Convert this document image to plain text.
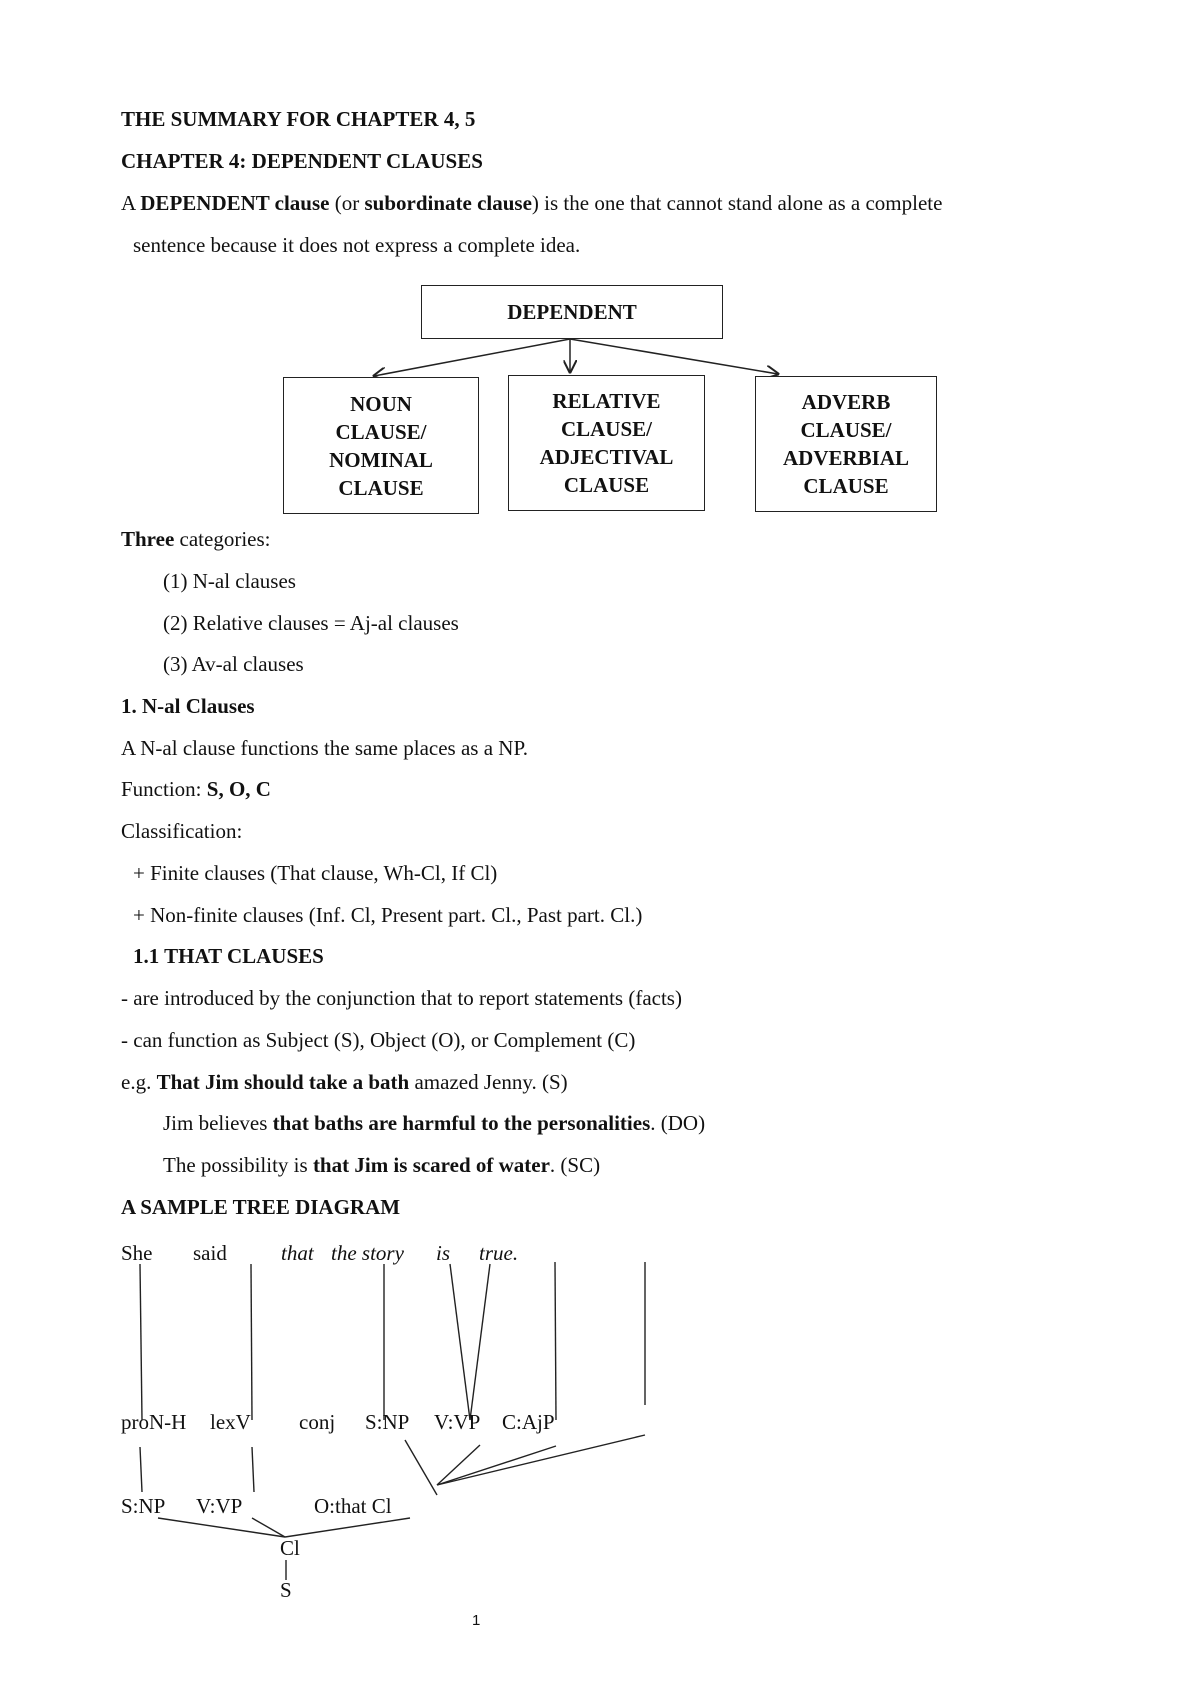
THE SUMMARY FOR CHAPTER 4, 5
CHAPTER 4: DEPENDENT CLAUSES
A DEPENDENT clause (or subordinate clause) is the one that cannot stand alone as a complete
sentence because it does not express a complete idea.
DEPENDENT
NOUN
CLAUSE/
NOMINAL
CLAUSE
RELATIVE
CLAUSE/
ADJECTIVAL
CLAUSE
ADVERB
CLAUSE/
ADVERBIAL
CLAUSE
Three categories:
(1) N-al clauses
(2) Relative clauses = Aj-al clauses
(3) Av-al clauses
1. N-al Clauses
A N-al clause functions the same places as a NP.
Function: S, O, C
Classification:
+ Finite clauses (That clause, Wh-Cl, If Cl)
+ Non-finite clauses (Inf. Cl, Present part. Cl., Past part. Cl.)
1.1 THAT CLAUSES
- are introduced by the conjunction that to report statements (facts)
- can function as Subject (S), Object (O), or Complement (C)
e.g. That Jim should take a bath amazed Jenny. (S)
Jim believes that baths are harmful to the personalities. (DO)
The possibility is that Jim is scared of water. (SC)
A SAMPLE TREE DIAGRAM
She said	that the story is true.
proN-H lexV conj S:NP V:VP C:AjP
S:NP V:VP	O:that Cl
Cl
S
1
